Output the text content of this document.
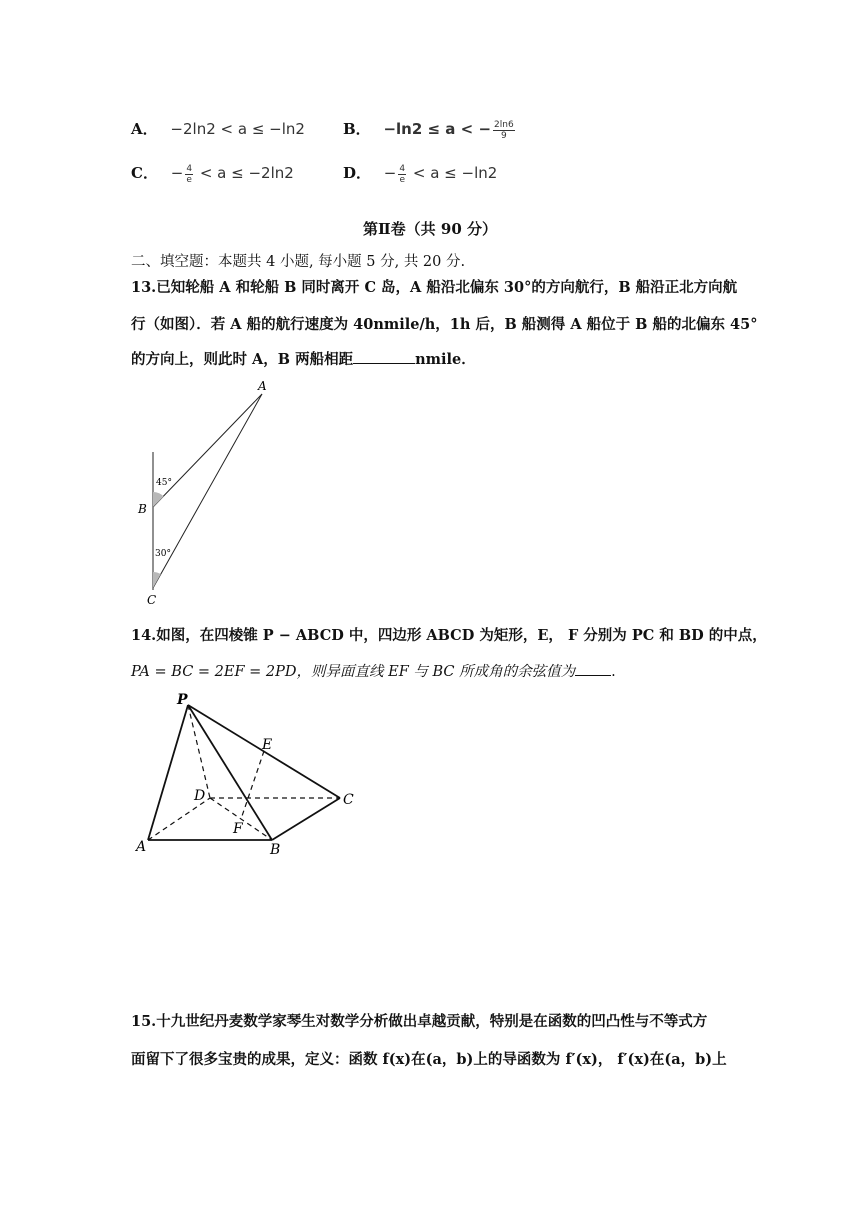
A． −2ln2 < a ≤ −ln2	B． −ln2 ≤ a < − $\frac{2\ln 6}{9}$
C． − $\frac{4}{e} < a \le -2\ln 2$	D． − $\frac{4}{e} < a \le -\ln 2$
第Ⅱ卷（共 90 分）
二、填空题：本题共 4 小题, 每小题 5 分, 共 20 分.
13.已知轮船 A 和轮船 B 同时离开 C 岛，A 船沿北偏东 30°的方向航行，B 船沿正北方向航
行（如图）．若 A 船的航行速度为 40nmile/h，1h 后，B 船测得 A 船位于 B 船的北偏东 45°
的方向上，则此时 A，B 两船相距	nmile．
A
B
C
45°
30°
14.如图，在四棱锥 P − ABCD 中，四边形 ABCD 为矩形，E， F 分别为 PC 和 BD 的中点，
PA = BC = 2EF = 2PD，则异面直线 EF 与 BC 所成角的余弦值为 .
P
A	B
C
D
E
F
15.十九世纪丹麦数学家琴生对数学分析做出卓越贡献，特别是在函数的凹凸性与不等式方
面留下了很多宝贵的成果，定义：函数 f(x)在(a，b)上的导函数为 f′(x)， f′(x)在(a，b)上
